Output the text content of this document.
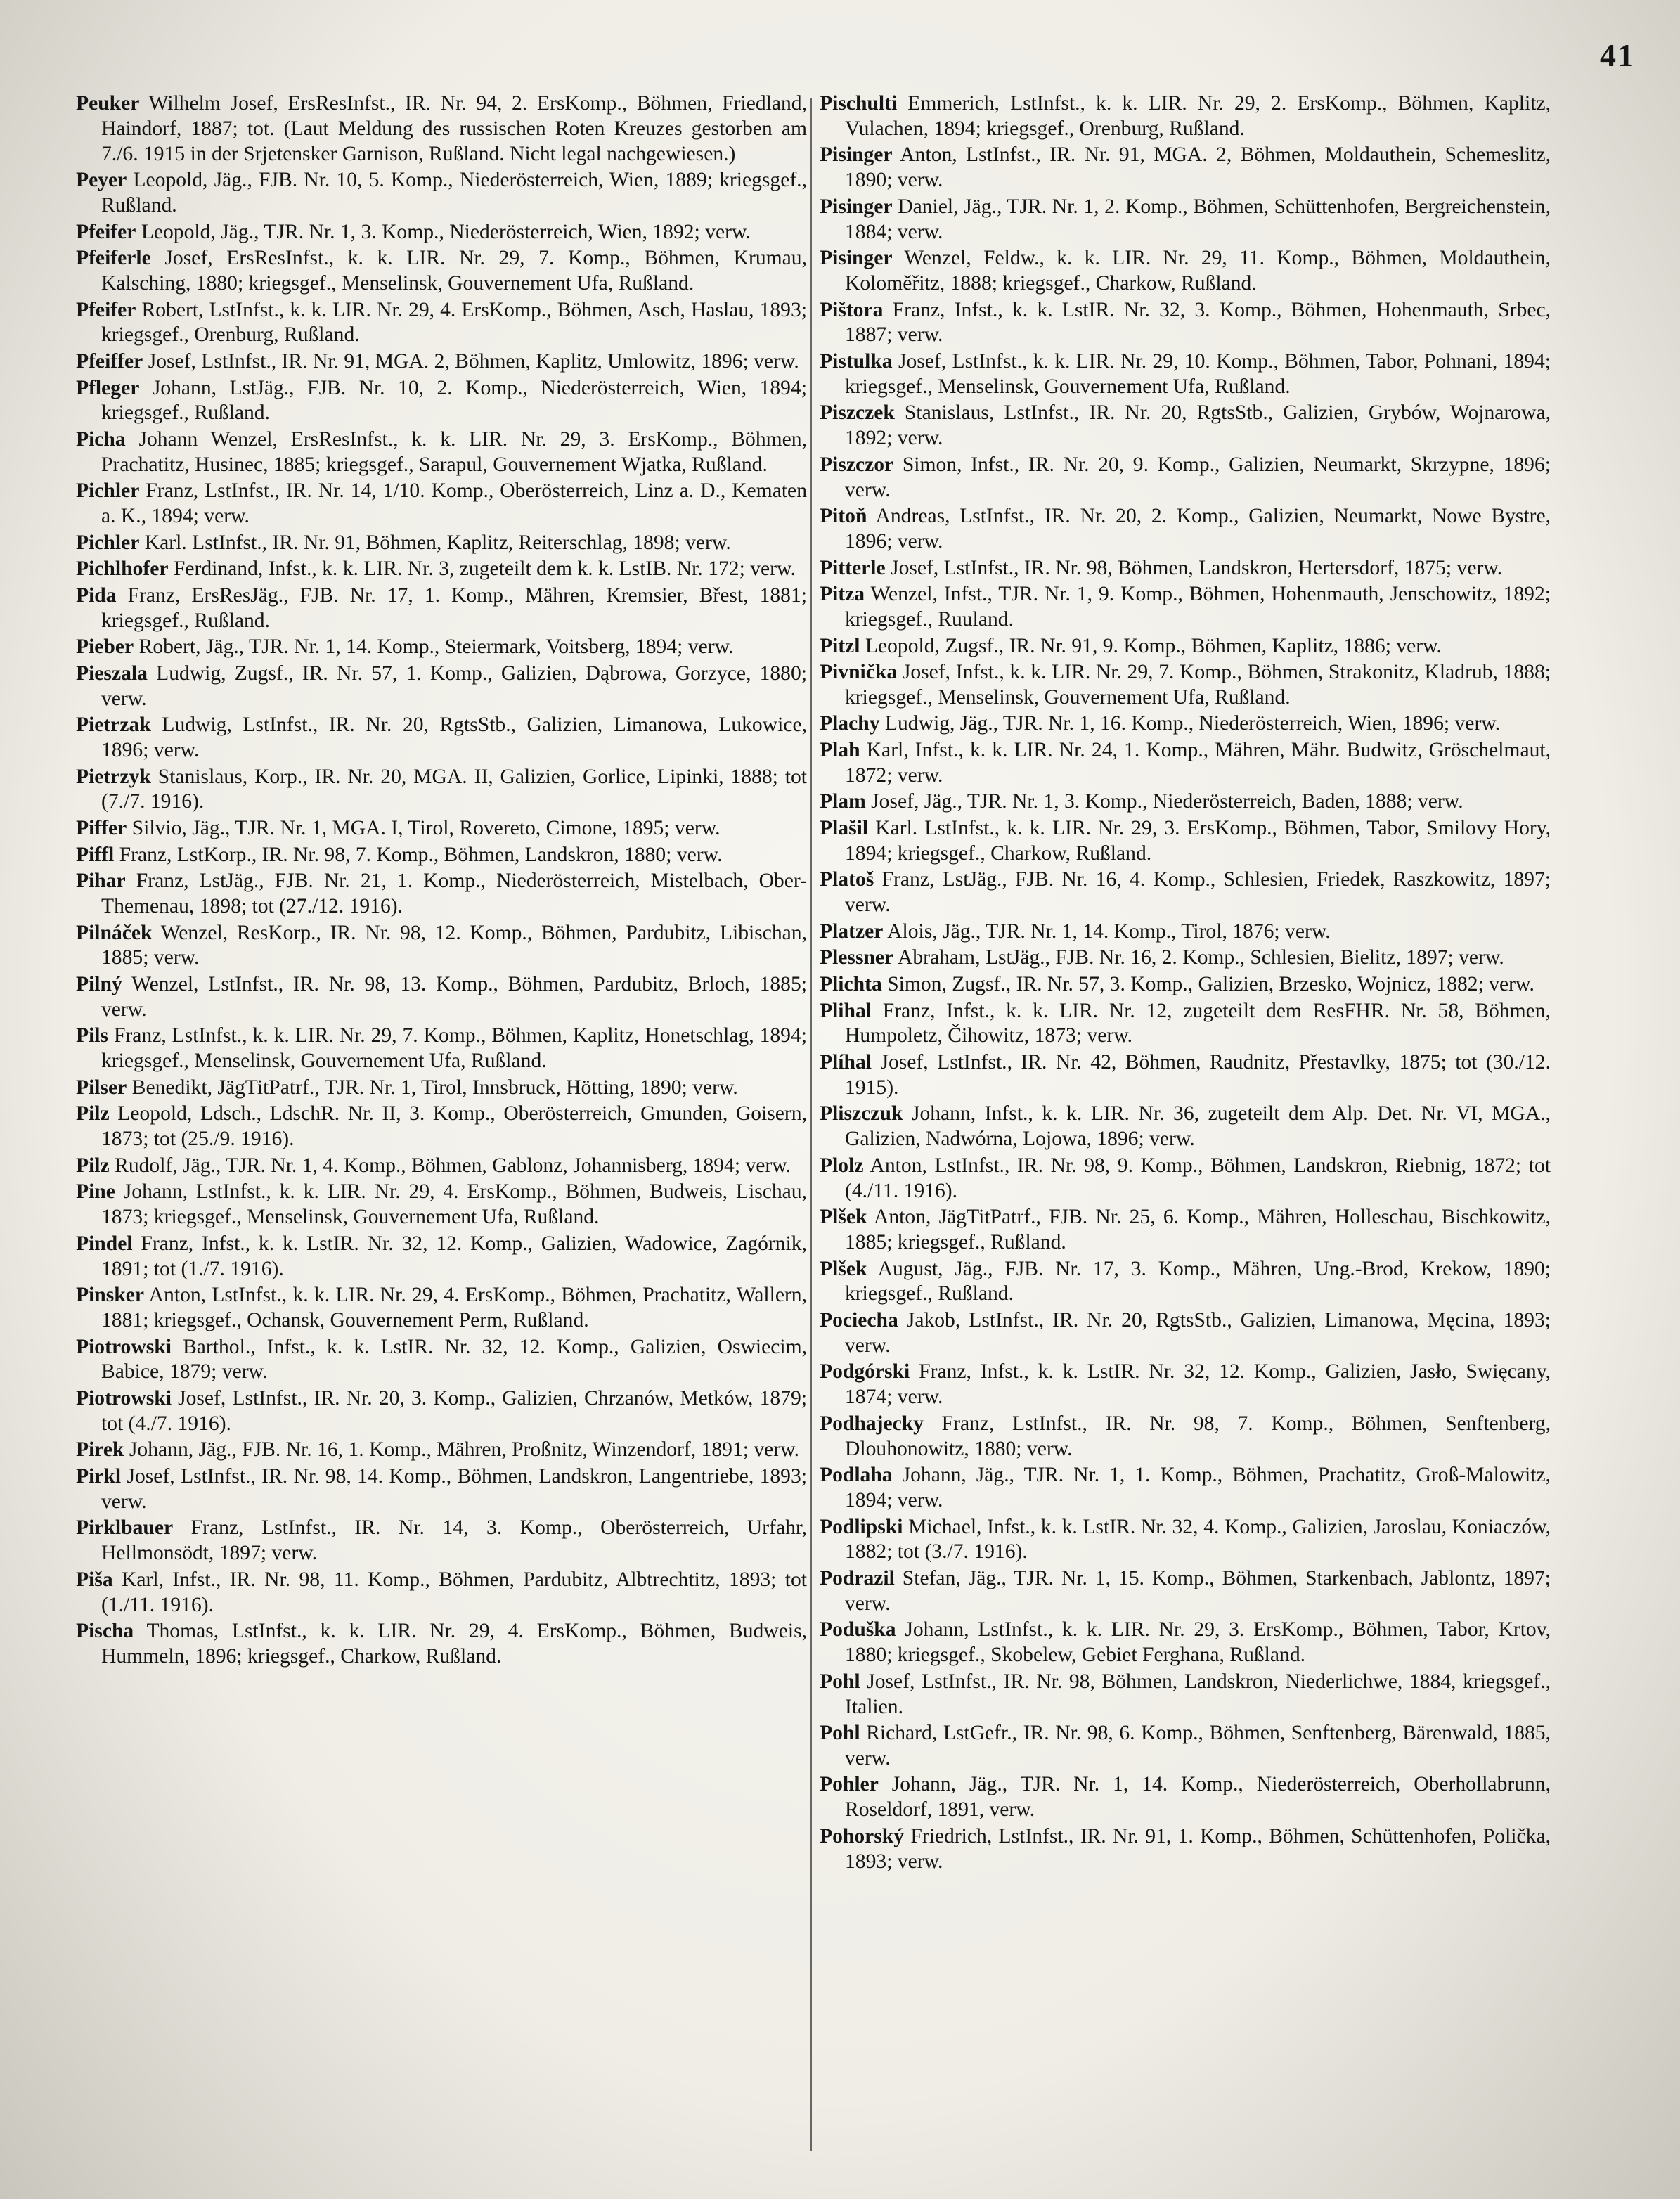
41

Peuker Wilhelm Josef, ErsResInfst., IR. Nr. 94, 2. ErsKomp., Böhmen, Friedland, Haindorf, 1887; tot. (Laut Meldung des russischen Roten Kreuzes gestorben am 7./6. 1915 in der Srjetensker Garnison, Rußland. Nicht legal nachgewiesen.)

Peyer Leopold, Jäg., FJB. Nr. 10, 5. Komp., Niederösterreich, Wien, 1889; kriegsgef., Rußland.

Pfeifer Leopold, Jäg., TJR. Nr. 1, 3. Komp., Niederösterreich, Wien, 1892; verw.

Pfeiferle Josef, ErsResInfst., k. k. LIR. Nr. 29, 7. Komp., Böhmen, Krumau, Kalsching, 1880; kriegsgef., Menselinsk, Gouvernement Ufa, Rußland.

Pfeifer Robert, LstInfst., k. k. LIR. Nr. 29, 4. ErsKomp., Böhmen, Asch, Haslau, 1893; kriegsgef., Orenburg, Rußland.

Pfeiffer Josef, LstInfst., IR. Nr. 91, MGA. 2, Böhmen, Kaplitz, Umlowitz, 1896; verw.

Pfleger Johann, LstJäg., FJB. Nr. 10, 2. Komp., Niederösterreich, Wien, 1894; kriegsgef., Rußland.

Picha Johann Wenzel, ErsResInfst., k. k. LIR. Nr. 29, 3. ErsKomp., Böhmen, Prachatitz, Husinec, 1885; kriegsgef., Sarapul, Gouvernement Wjatka, Rußland.

Pichler Franz, LstInfst., IR. Nr. 14, 1/10. Komp., Oberösterreich, Linz a. D., Kematen a. K., 1894; verw.

Pichler Karl. LstInfst., IR. Nr. 91, Böhmen, Kaplitz, Reiterschlag, 1898; verw.

Pichlhofer Ferdinand, Infst., k. k. LIR. Nr. 3, zugeteilt dem k. k. LstIB. Nr. 172; verw.

Pida Franz, ErsResJäg., FJB. Nr. 17, 1. Komp., Mähren, Kremsier, Břest, 1881; kriegsgef., Rußland.

Pieber Robert, Jäg., TJR. Nr. 1, 14. Komp., Steiermark, Voitsberg, 1894; verw.

Pieszala Ludwig, Zugsf., IR. Nr. 57, 1. Komp., Galizien, Dąbrowa, Gorzyce, 1880; verw.

Pietrzak Ludwig, LstInfst., IR. Nr. 20, RgtsStb., Galizien, Limanowa, Lukowice, 1896; verw.

Pietrzyk Stanislaus, Korp., IR. Nr. 20, MGA. II, Galizien, Gorlice, Lipinki, 1888; tot (7./7. 1916).

Piffer Silvio, Jäg., TJR. Nr. 1, MGA. I, Tirol, Rovereto, Cimone, 1895; verw.

Piffl Franz, LstKorp., IR. Nr. 98, 7. Komp., Böhmen, Landskron, 1880; verw.

Pihar Franz, LstJäg., FJB. Nr. 21, 1. Komp., Niederösterreich, Mistelbach, Ober-Themenau, 1898; tot (27./12. 1916).

Pilnáček Wenzel, ResKorp., IR. Nr. 98, 12. Komp., Böhmen, Pardubitz, Libischan, 1885; verw.

Pilný Wenzel, LstInfst., IR. Nr. 98, 13. Komp., Böhmen, Pardubitz, Brloch, 1885; verw.

Pils Franz, LstInfst., k. k. LIR. Nr. 29, 7. Komp., Böhmen, Kaplitz, Honetschlag, 1894; kriegsgef., Menselinsk, Gouvernement Ufa, Rußland.

Pilser Benedikt, JägTitPatrf., TJR. Nr. 1, Tirol, Innsbruck, Hötting, 1890; verw.

Pilz Leopold, Ldsch., LdschR. Nr. II, 3. Komp., Oberösterreich, Gmunden, Goisern, 1873; tot (25./9. 1916).

Pilz Rudolf, Jäg., TJR. Nr. 1, 4. Komp., Böhmen, Gablonz, Johannisberg, 1894; verw.

Pine Johann, LstInfst., k. k. LIR. Nr. 29, 4. ErsKomp., Böhmen, Budweis, Lischau, 1873; kriegsgef., Menselinsk, Gouvernement Ufa, Rußland.

Pindel Franz, Infst., k. k. LstIR. Nr. 32, 12. Komp., Galizien, Wadowice, Zagórnik, 1891; tot (1./7. 1916).

Pinsker Anton, LstInfst., k. k. LIR. Nr. 29, 4. ErsKomp., Böhmen, Prachatitz, Wallern, 1881; kriegsgef., Ochansk, Gouvernement Perm, Rußland.

Piotrowski Barthol., Infst., k. k. LstIR. Nr. 32, 12. Komp., Galizien, Oswiecim, Babice, 1879; verw.

Piotrowski Josef, LstInfst., IR. Nr. 20, 3. Komp., Galizien, Chrzanów, Metków, 1879; tot (4./7. 1916).

Pirek Johann, Jäg., FJB. Nr. 16, 1. Komp., Mähren, Proßnitz, Winzendorf, 1891; verw.

Pirkl Josef, LstInfst., IR. Nr. 98, 14. Komp., Böhmen, Landskron, Langentriebe, 1893; verw.

Pirklbauer Franz, LstInfst., IR. Nr. 14, 3. Komp., Oberösterreich, Urfahr, Hellmonsödt, 1897; verw.

Piša Karl, Infst., IR. Nr. 98, 11. Komp., Böhmen, Pardubitz, Albtrechtitz, 1893; tot (1./11. 1916).

Pischa Thomas, LstInfst., k. k. LIR. Nr. 29, 4. ErsKomp., Böhmen, Budweis, Hummeln, 1896; kriegsgef., Charkow, Rußland.

Pischulti Emmerich, LstInfst., k. k. LIR. Nr. 29, 2. ErsKomp., Böhmen, Kaplitz, Vulachen, 1894; kriegsgef., Orenburg, Rußland.

Pisinger Anton, LstInfst., IR. Nr. 91, MGA. 2, Böhmen, Moldauthein, Schemeslitz, 1890; verw.

Pisinger Daniel, Jäg., TJR. Nr. 1, 2. Komp., Böhmen, Schüttenhofen, Bergreichenstein, 1884; verw.

Pisinger Wenzel, Feldw., k. k. LIR. Nr. 29, 11. Komp., Böhmen, Moldauthein, Koloměřitz, 1888; kriegsgef., Charkow, Rußland.

Pištora Franz, Infst., k. k. LstIR. Nr. 32, 3. Komp., Böhmen, Hohenmauth, Srbec, 1887; verw.

Pistulka Josef, LstInfst., k. k. LIR. Nr. 29, 10. Komp., Böhmen, Tabor, Pohnani, 1894; kriegsgef., Menselinsk, Gouvernement Ufa, Rußland.

Piszczek Stanislaus, LstInfst., IR. Nr. 20, RgtsStb., Galizien, Grybów, Wojnarowa, 1892; verw.

Piszczor Simon, Infst., IR. Nr. 20, 9. Komp., Galizien, Neumarkt, Skrzypne, 1896; verw.

Pitoň Andreas, LstInfst., IR. Nr. 20, 2. Komp., Galizien, Neumarkt, Nowe Bystre, 1896; verw.

Pitterle Josef, LstInfst., IR. Nr. 98, Böhmen, Landskron, Hertersdorf, 1875; verw.

Pitza Wenzel, Infst., TJR. Nr. 1, 9. Komp., Böhmen, Hohenmauth, Jenschowitz, 1892; kriegsgef., Ruuland.

Pitzl Leopold, Zugsf., IR. Nr. 91, 9. Komp., Böhmen, Kaplitz, 1886; verw.

Pivnička Josef, Infst., k. k. LIR. Nr. 29, 7. Komp., Böhmen, Strakonitz, Kladrub, 1888; kriegsgef., Menselinsk, Gouvernement Ufa, Rußland.

Plachy Ludwig, Jäg., TJR. Nr. 1, 16. Komp., Niederösterreich, Wien, 1896; verw.

Plah Karl, Infst., k. k. LIR. Nr. 24, 1. Komp., Mähren, Mähr. Budwitz, Gröschelmaut, 1872; verw.

Plam Josef, Jäg., TJR. Nr. 1, 3. Komp., Niederösterreich, Baden, 1888; verw.

Plašil Karl. LstInfst., k. k. LIR. Nr. 29, 3. ErsKomp., Böhmen, Tabor, Smilovy Hory, 1894; kriegsgef., Charkow, Rußland.

Platoš Franz, LstJäg., FJB. Nr. 16, 4. Komp., Schlesien, Friedek, Raszkowitz, 1897; verw.

Platzer Alois, Jäg., TJR. Nr. 1, 14. Komp., Tirol, 1876; verw.

Plessner Abraham, LstJäg., FJB. Nr. 16, 2. Komp., Schlesien, Bielitz, 1897; verw.

Plichta Simon, Zugsf., IR. Nr. 57, 3. Komp., Galizien, Brzesko, Wojnicz, 1882; verw.

Plihal Franz, Infst., k. k. LIR. Nr. 12, zugeteilt dem ResFHR. Nr. 58, Böhmen, Humpoletz, Čihowitz, 1873; verw.

Plíhal Josef, LstInfst., IR. Nr. 42, Böhmen, Raudnitz, Přestavlky, 1875; tot (30./12. 1915).

Pliszczuk Johann, Infst., k. k. LIR. Nr. 36, zugeteilt dem Alp. Det. Nr. VI, MGA., Galizien, Nadwórna, Lojowa, 1896; verw.

Plolz Anton, LstInfst., IR. Nr. 98, 9. Komp., Böhmen, Landskron, Riebnig, 1872; tot (4./11. 1916).

Plšek Anton, JägTitPatrf., FJB. Nr. 25, 6. Komp., Mähren, Holleschau, Bischkowitz, 1885; kriegsgef., Rußland.

Plšek August, Jäg., FJB. Nr. 17, 3. Komp., Mähren, Ung.-Brod, Krekow, 1890; kriegsgef., Rußland.

Pociecha Jakob, LstInfst., IR. Nr. 20, RgtsStb., Galizien, Limanowa, Męcina, 1893; verw.

Podgórski Franz, Infst., k. k. LstIR. Nr. 32, 12. Komp., Galizien, Jasło, Swięcany, 1874; verw.

Podhajecky Franz, LstInfst., IR. Nr. 98, 7. Komp., Böhmen, Senftenberg, Dlouhonowitz, 1880; verw.

Podlaha Johann, Jäg., TJR. Nr. 1, 1. Komp., Böhmen, Prachatitz, Groß-Malowitz, 1894; verw.

Podlipski Michael, Infst., k. k. LstIR. Nr. 32, 4. Komp., Galizien, Jaroslau, Koniaczów, 1882; tot (3./7. 1916).

Podrazil Stefan, Jäg., TJR. Nr. 1, 15. Komp., Böhmen, Starkenbach, Jablontz, 1897; verw.

Poduška Johann, LstInfst., k. k. LIR. Nr. 29, 3. ErsKomp., Böhmen, Tabor, Krtov, 1880; kriegsgef., Skobelew, Gebiet Ferghana, Rußland.

Pohl Josef, LstInfst., IR. Nr. 98, Böhmen, Landskron, Niederlichwe, 1884, kriegsgef., Italien.

Pohl Richard, LstGefr., IR. Nr. 98, 6. Komp., Böhmen, Senftenberg, Bärenwald, 1885, verw.

Pohler Johann, Jäg., TJR. Nr. 1, 14. Komp., Niederösterreich, Oberhollabrunn, Roseldorf, 1891, verw.

Pohorský Friedrich, LstInfst., IR. Nr. 91, 1. Komp., Böhmen, Schüttenhofen, Polička, 1893; verw.
